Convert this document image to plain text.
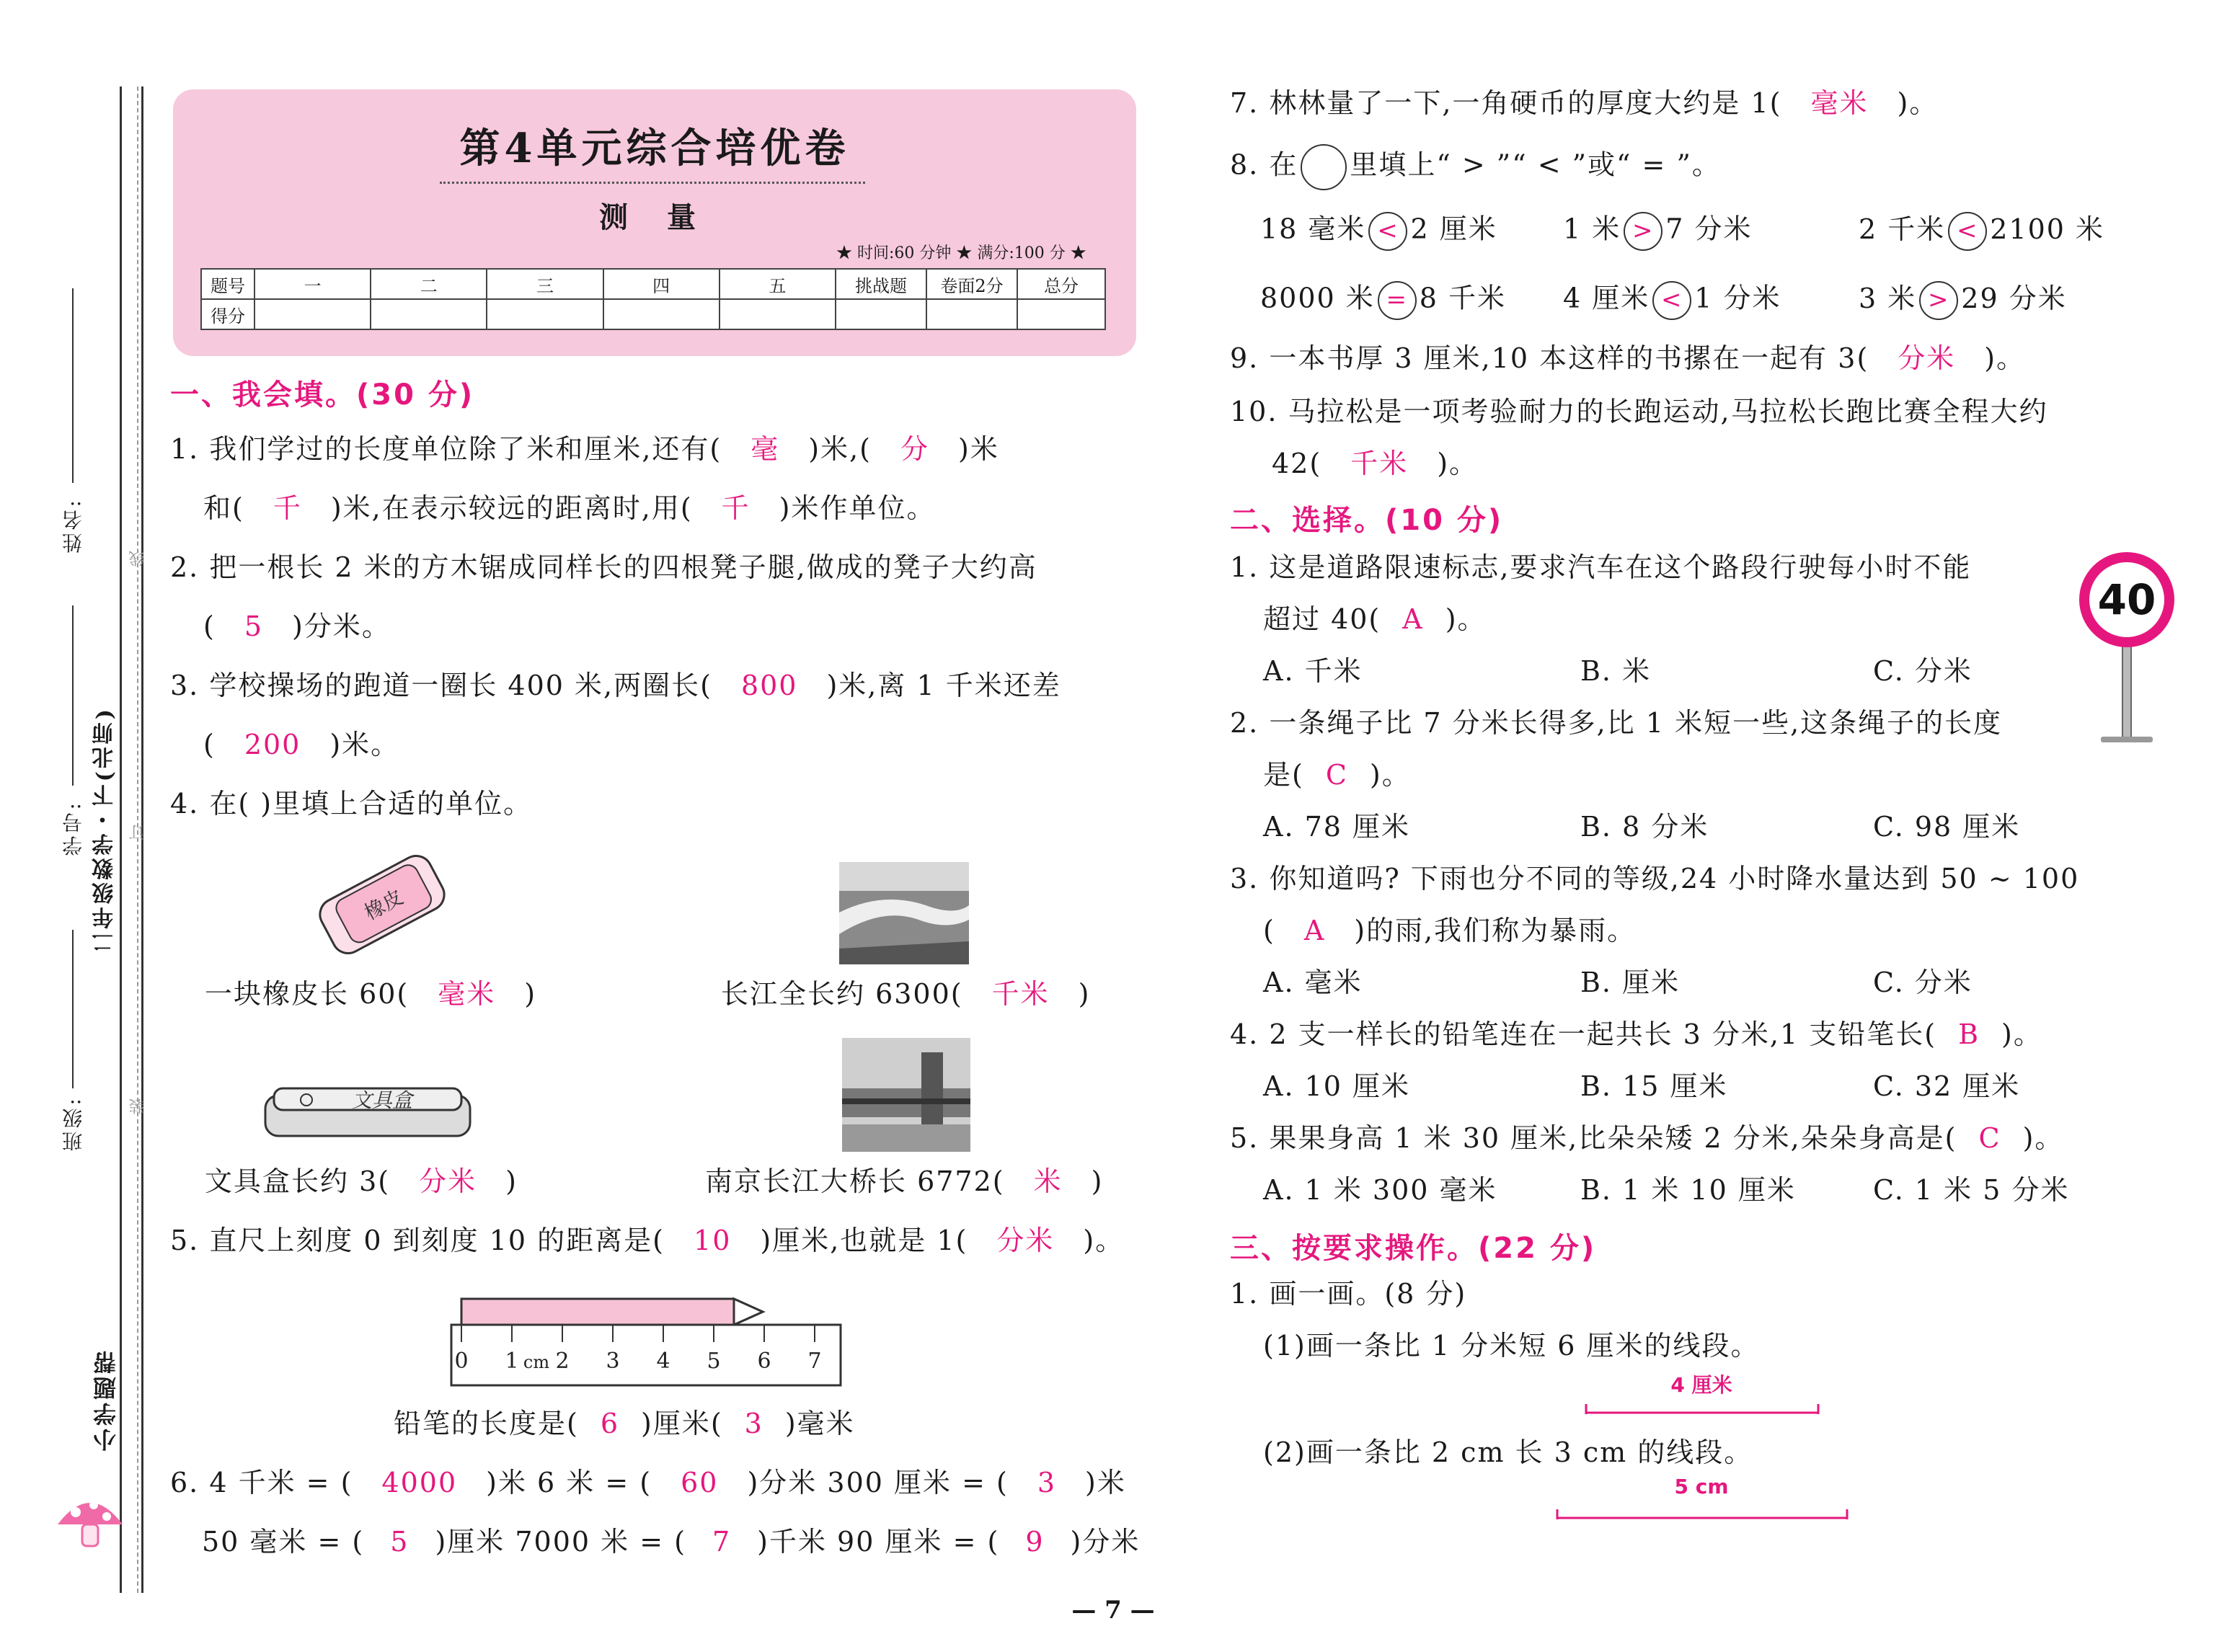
班级:
学号:
姓名:
二年级数学・下(北师)
小学题帮
装
订
线
第4单元综合培优卷
测 量
★ 时间:60 分钟 ★ 满分:100 分 ★
题号	一	二	三	四	五	挑战题	卷面2分	总分
得分								
一、我会填。(30 分)
1. 我们学过的长度单位除了米和厘米,还有( 毫 )米,( 分 )米
和( 千 )米,在表示较远的距离时,用( 千 )米作单位。
2. 把一根长 2 米的方木锯成同样长的四根凳子腿,做成的凳子大约高
( 5 )分米。
3. 学校操场的跑道一圈长 400 米,两圈长( 800 )米,离 1 千米还差
( 200 )米。
4. 在( )里填上合适的单位。
橡皮
一块橡皮长 60( 毫米 )	长江全长约 6300( 千米 )
文具盒
文具盒长约 3( 分米 )	南京长江大桥长 6772( 米 )
5. 直尺上刻度 0 到刻度 10 的距离是( 10 )厘米,也就是 1( 分米 )。
0 1 cm 2 3 4 5 6 7
铅笔的长度是( 6 )厘米( 3 )毫米
6. 4 千米 = ( 4000 )米 6 米 = ( 60 )分米 300 厘米 = ( 3 )米
50 毫米 = ( 5 )厘米 7000 米 = ( 7 )千米 90 厘米 = ( 9 )分米
7. 林林量了一下,一角硬币的厚度大约是 1( 毫米 )。
8. 在 里填上“ > ”“ < ”或“ = ”。
18 毫米 < 2 厘米 1 米 > 7 分米	2 千米 < 2100 米
8000 米 = 8 千米 4 厘米 < 1 分米	3 米 > 29 分米
9. 一本书厚 3 厘米,10 本这样的书摞在一起有 3( 分米 )。
10. 马拉松是一项考验耐力的长跑运动,马拉松长跑比赛全程大约
42( 千米 )。
二、选择。(10 分)
40
1. 这是道路限速标志,要求汽车在这个路段行驶每小时不能
超过 40( A )。
A. 千米	B. 米	C. 分米
2. 一条绳子比 7 分米长得多,比 1 米短一些,这条绳子的长度
是( C )。
A. 78 厘米	B. 8 分米	C. 98 厘米
3. 你知道吗? 下雨也分不同的等级,24 小时降水量达到 50 ~ 100
( A )的雨,我们称为暴雨。
A. 毫米	B. 厘米	C. 分米
4. 2 支一样长的铅笔连在一起共长 3 分米,1 支铅笔长( B )。
A. 10 厘米	B. 15 厘米	C. 32 厘米
5. 果果身高 1 米 30 厘米,比朵朵矮 2 分米,朵朵身高是( C )。
A. 1 米 300 毫米	B. 1 米 10 厘米	C. 1 米 5 分米
三、按要求操作。(22 分)
1. 画一画。(8 分)
(1)画一条比 1 分米短 6 厘米的线段。
4 厘米
(2)画一条比 2 cm 长 3 cm 的线段。
5 cm
— 7 —
